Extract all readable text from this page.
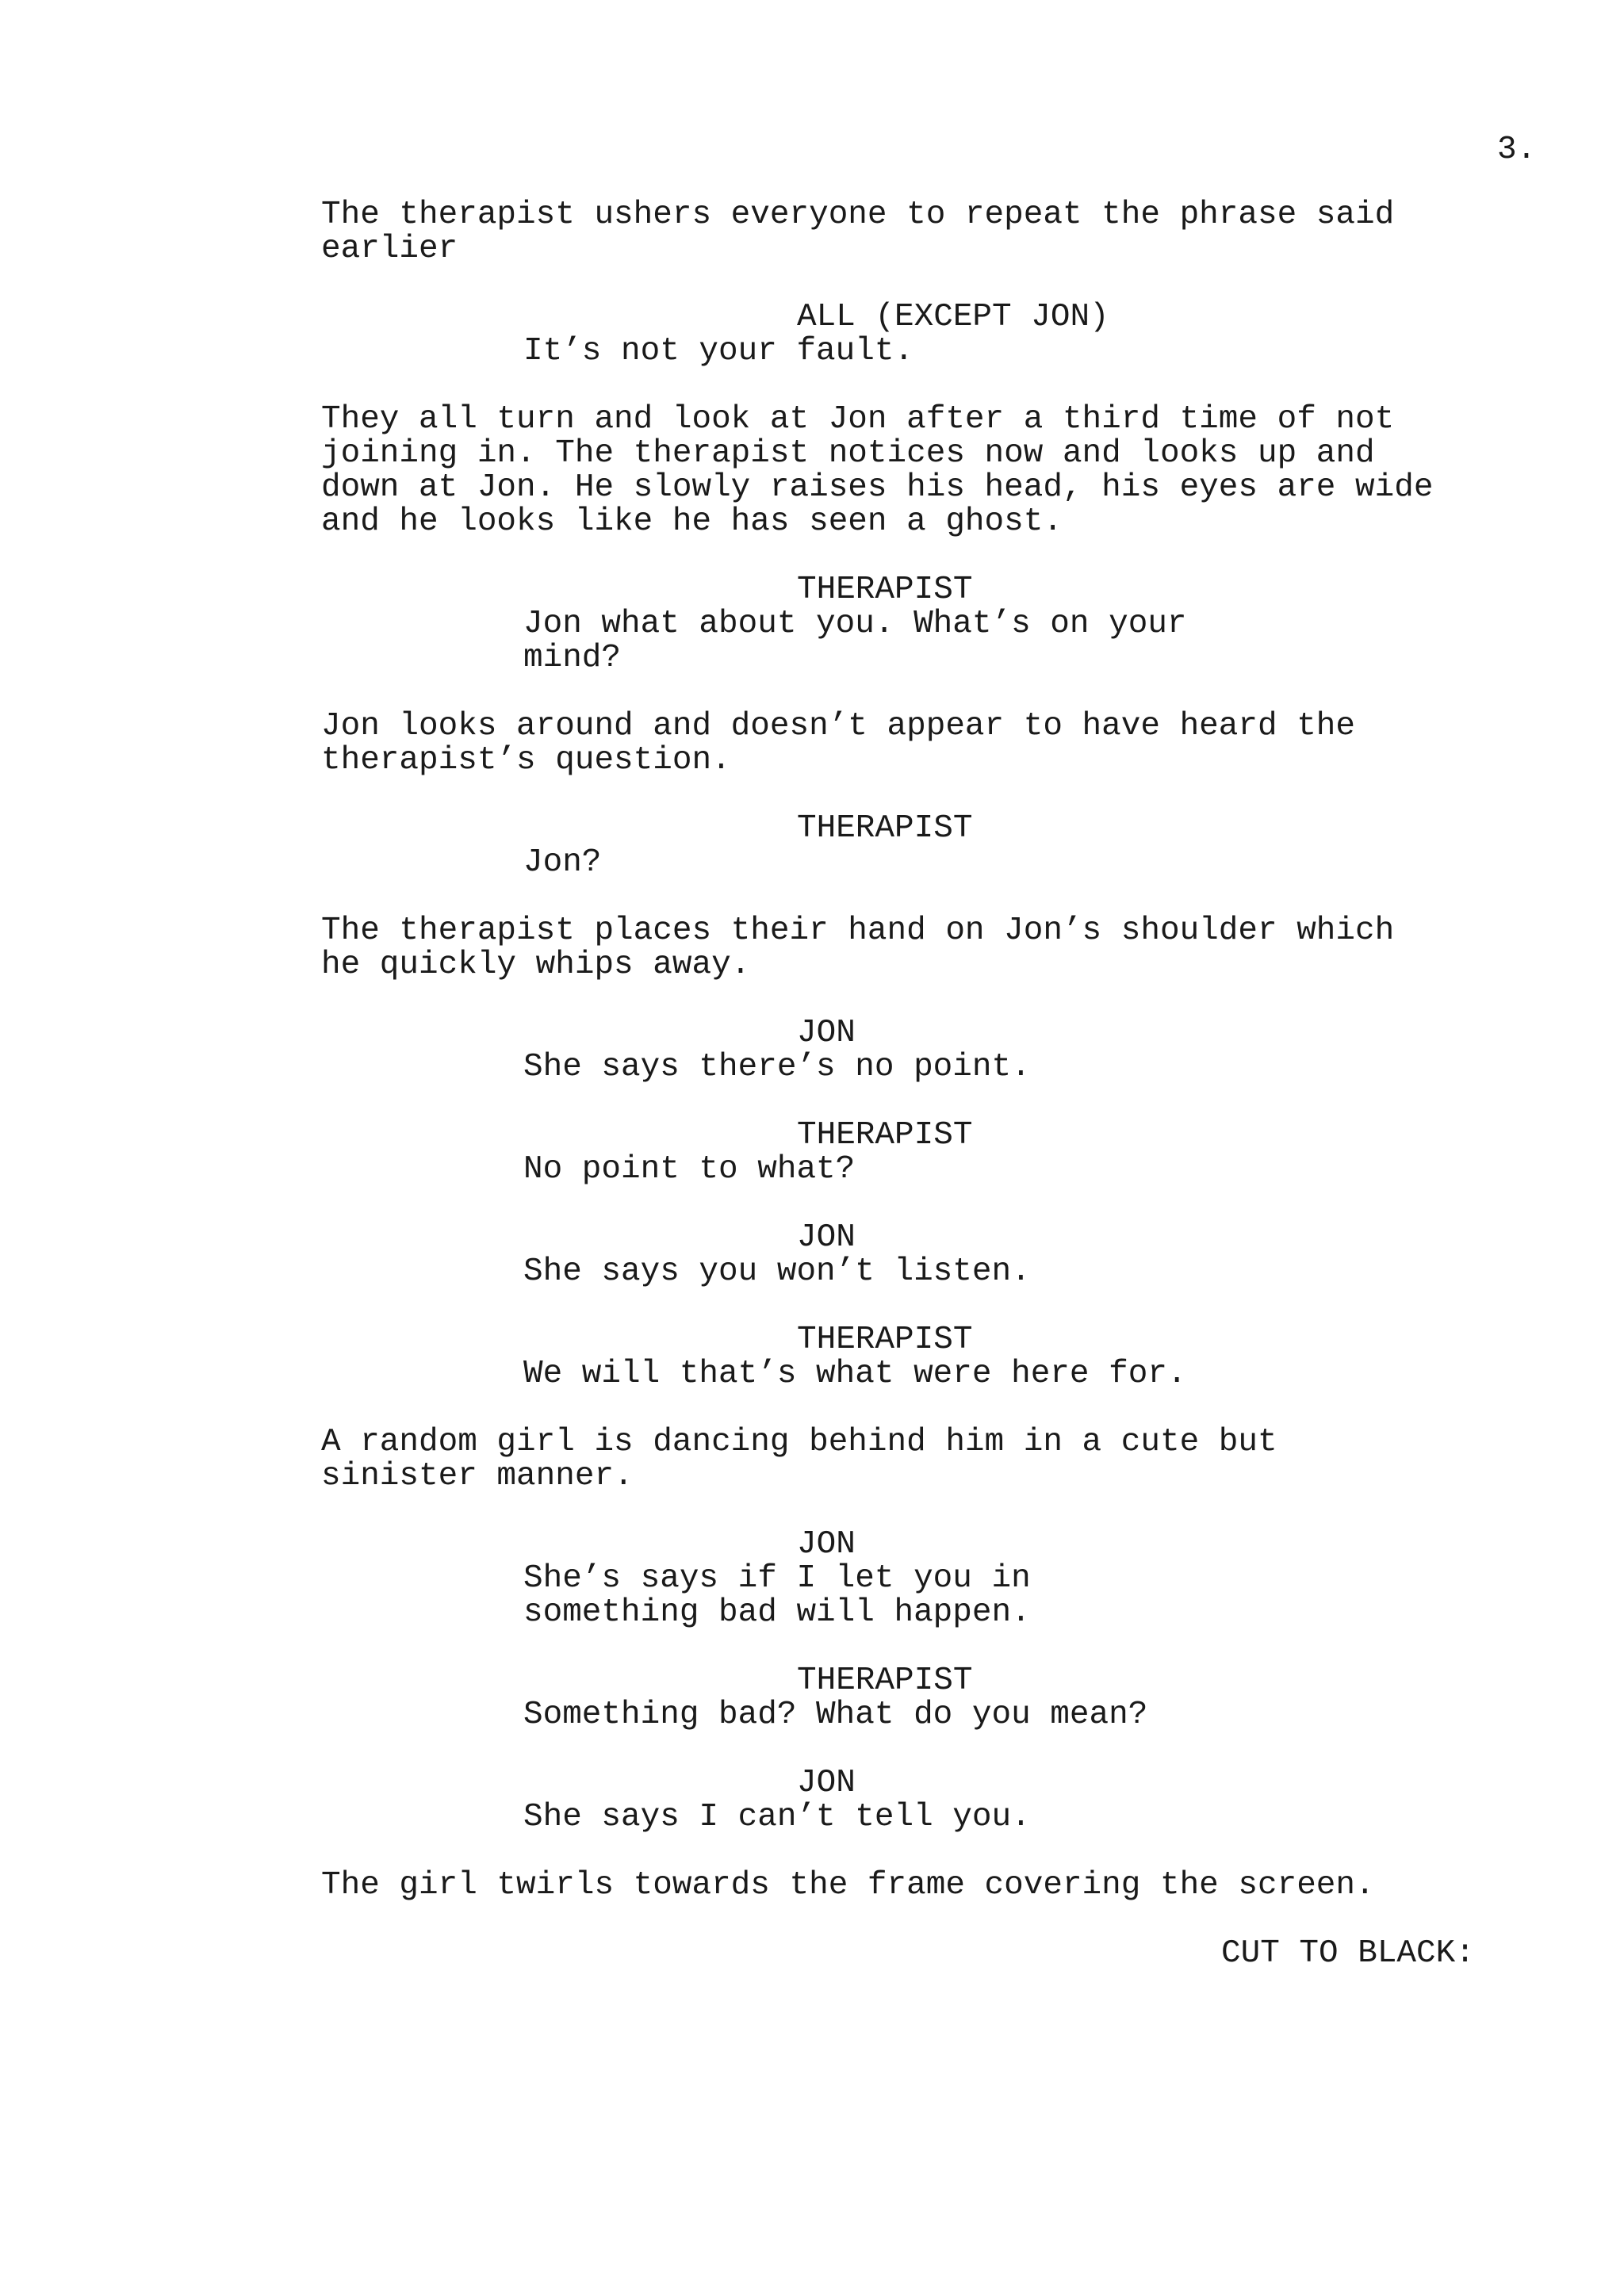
3.

The therapist ushers everyone to repeat the phrase said

earlier

ALL (EXCEPT JON)

It’s not your fault.

They all turn and look at Jon after a third time of not

joining in. The therapist notices now and looks up and

down at Jon. He slowly raises his head, his eyes are wide

and he looks like he has seen a ghost.

THERAPIST

Jon what about you. What’s on your

mind?

Jon looks around and doesn’t appear to have heard the

therapist’s question.

THERAPIST

Jon?

The therapist places their hand on Jon’s shoulder which

he quickly whips away.

JON

She says there’s no point.

THERAPIST

No point to what?

JON

She says you won’t listen.

THERAPIST

We will that’s what were here for.

A random girl is dancing behind him in a cute but

sinister manner.

JON

She’s says if I let you in

something bad will happen.

THERAPIST

Something bad? What do you mean?

JON

She says I can’t tell you.

The girl twirls towards the frame covering the screen.

CUT TO BLACK:
